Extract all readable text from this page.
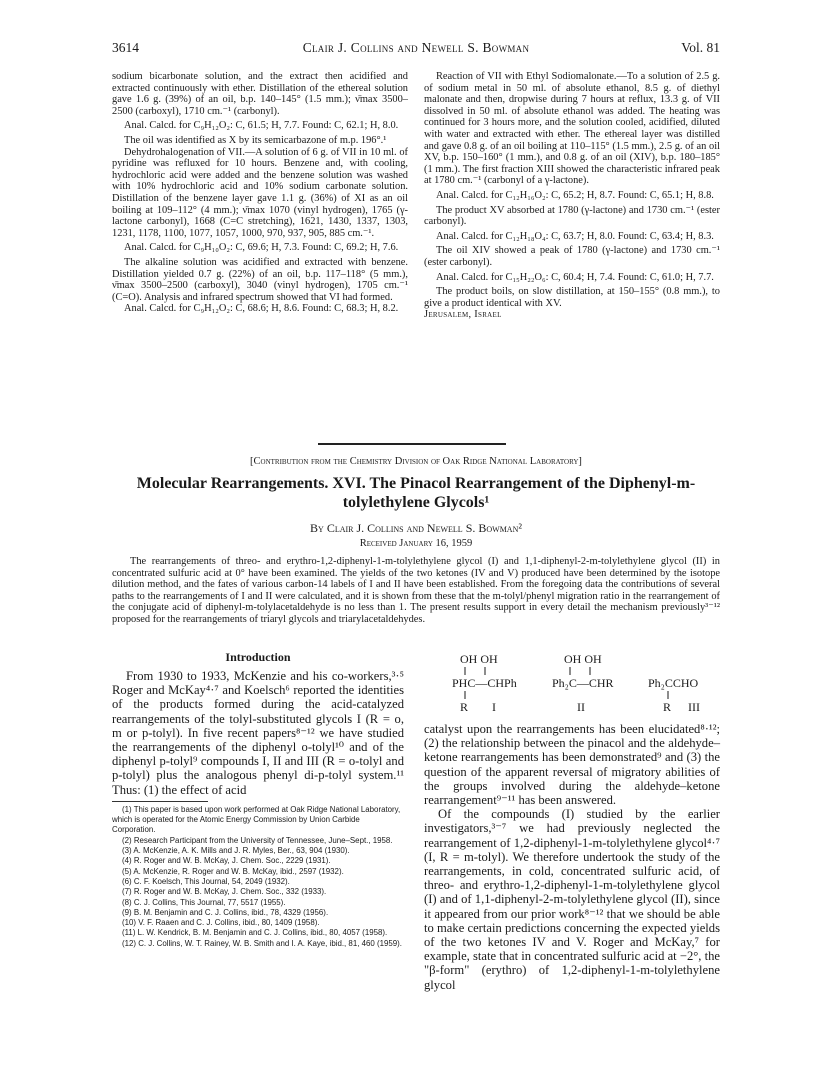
3614	Clair J. Collins and Newell S. Bowman	Vol. 81

sodium bicarbonate solution, and the extract then acidified and extracted continuously with ether. Distillation of the ethereal solution gave 1.6 g. (39%) of an oil, b.p. 140–145° (1.5 mm.); ν̄max 3500–2500 (carboxyl), 1710 cm.⁻¹ (carbonyl).

Anal. Calcd. for C₉H₁₂O₂: C, 61.5; H, 7.7. Found: C, 62.1; H, 8.0.

The oil was identified as X by its semicarbazone of m.p. 196°.¹

Dehydrohalogenation of VII.—A solution of 6 g. of VII in 10 ml. of pyridine was refluxed for 10 hours. Benzene and, with cooling, hydrochloric acid were added and the benzene solution was washed with 10% hydrochloric acid and 10% sodium carbonate solution. Distillation of the benzene layer gave 1.1 g. (36%) of XI as an oil boiling at 109–112° (4 mm.); ν̄max 1070 (vinyl hydrogen), 1765 (γ-lactone carbonyl), 1668 (C=C stretching), 1621, 1430, 1337, 1303, 1231, 1178, 1100, 1077, 1057, 1000, 970, 937, 905, 885 cm.⁻¹.

Anal. Calcd. for C₉H₁₀O₂: C, 69.6; H, 7.3. Found: C, 69.2; H, 7.6.

The alkaline solution was acidified and extracted with benzene. Distillation yielded 0.7 g. (22%) of an oil, b.p. 117–118° (5 mm.), ν̄max 3500–2500 (carboxyl), 3040 (vinyl hydrogen), 1705 cm.⁻¹ (C=O). Analysis and infrared spectrum showed that VI had formed.

Anal. Calcd. for C₉H₁₂O₂: C, 68.6; H, 8.6. Found: C, 68.3; H, 8.2.

Reaction of VII with Ethyl Sodiomalonate.—To a solution of 2.5 g. of sodium metal in 50 ml. of absolute ethanol, 8.5 g. of diethyl malonate and then, dropwise during 7 hours at reflux, 13.3 g. of VII dissolved in 50 ml. of absolute ethanol was added. The heating was continued for 3 hours more, and the solution cooled, acidified, diluted with water and extracted with ether. The ethereal layer was distilled and gave 0.8 g. of an oil boiling at 110–115° (1.5 mm.), 2.5 g. of an oil XV, b.p. 150–160° (1 mm.), and 0.8 g. of an oil (XIV), b.p. 180–185° (1 mm.). The first fraction XIII showed the characteristic infrared peak at 1780 cm.⁻¹ (carbonyl of a γ-lactone).

Anal. Calcd. for C₁₂H₁₆O₂: C, 65.2; H, 8.7. Found: C, 65.1; H, 8.8.

The product XV absorbed at 1780 (γ-lactone) and 1730 cm.⁻¹ (ester carbonyl).

Anal. Calcd. for C₁₂H₁₈O₄: C, 63.7; H, 8.0. Found: C, 63.4; H, 8.3.

The oil XIV showed a peak of 1780 (γ-lactone) and 1730 cm.⁻¹ (ester carbonyl).

Anal. Calcd. for C₁₅H₂₂O₆: C, 60.4; H, 7.4. Found: C, 61.0; H, 7.7.

The product boils, on slow distillation, at 150–155° (0.8 mm.), to give a product identical with XV.

Jerusalem, Israel

[Contribution from the Chemistry Division of Oak Ridge National Laboratory]
Molecular Rearrangements. XVI. The Pinacol Rearrangement of the Diphenyl-m-tolylethylene Glycols¹
By Clair J. Collins and Newell S. Bowman²
Received January 16, 1959

The rearrangements of threo- and erythro-1,2-diphenyl-1-m-tolylethylene glycol (I) and 1,1-diphenyl-2-m-tolylethylene glycol (II) in concentrated sulfuric acid at 0° have been examined. The yields of the two ketones (IV and V) produced have been determined by the isotope dilution method, and the fates of various carbon-14 labels of I and II have been established. From the foregoing data the contributions of several paths to the rearrangements of I and II were calculated, and it is shown from these that the m-tolyl/phenyl migration ratio in the rearrangement of the conjugate acid of diphenyl-m-tolylacetaldehyde is no less than 1. The present results support in every detail the mechanism previously³⁻¹² proposed for the rearrangements of triaryl glycols and triarylacetaldehydes.

Introduction

From 1930 to 1933, McKenzie and his co-workers,³·⁵ Roger and McKay⁴·⁷ and Koelsch⁶ reported the identities of the products formed during the acid-catalyzed rearrangements of the tolyl-substituted glycols I (R = o, m or p-tolyl). In five recent papers⁸⁻¹² we have studied the rearrangements of the diphenyl o-tolyl¹⁰ and of the diphenyl p-tolyl⁹ compounds I, II and III (R = o-tolyl and p-tolyl) plus the analogous phenyl di-p-tolyl system.¹¹ Thus: (1) the effect of acid

(1) This paper is based upon work performed at Oak Ridge National Laboratory, which is operated for the Atomic Energy Commission by Union Carbide Corporation.
(2) Research Participant from the University of Tennessee, June–Sept., 1958.
(3) A. McKenzie, A. K. Mills and J. R. Myles, Ber., 63, 904 (1930).
(4) R. Roger and W. B. McKay, J. Chem. Soc., 2229 (1931).
(5) A. McKenzie, R. Roger and W. B. McKay, ibid., 2597 (1932).
(6) C. F. Koelsch, This Journal, 54, 2049 (1932).
(7) R. Roger and W. B. McKay, J. Chem. Soc., 332 (1933).
(8) C. J. Collins, This Journal, 77, 5517 (1955).
(9) B. M. Benjamin and C. J. Collins, ibid., 78, 4329 (1956).
(10) V. F. Raaen and C. J. Collins, ibid., 80, 1409 (1958).
(11) L. W. Kendrick, B. M. Benjamin and C. J. Collins, ibid., 80, 4057 (1958).
(12) C. J. Collins, W. T. Rainey, W. B. Smith and I. A. Kaye, ibid., 81, 460 (1959).
OH OH
PHC—CHPh
R I
OH OH
Ph₂C—CHR
II
Ph₂CCHO
R III

catalyst upon the rearrangements has been elucidated⁸·¹²; (2) the relationship between the pinacol and the aldehyde–ketone rearrangements has been demonstrated⁹ and (3) the question of the apparent reversal of migratory abilities of the groups involved during the aldehyde–ketone rearrangement⁹⁻¹¹ has been answered.

Of the compounds (I) studied by the earlier investigators,³⁻⁷ we had previously neglected the rearrangement of 1,2-diphenyl-1-m-tolylethylene glycol⁴·⁷ (I, R = m-tolyl). We therefore undertook the study of the rearrangements, in cold, concentrated sulfuric acid, of threo- and erythro-1,2-diphenyl-1-m-tolylethylene glycol (I) and of 1,1-diphenyl-2-m-tolylethylene glycol (II), since it appeared from our prior work⁸⁻¹² that we should be able to make certain predictions concerning the expected yields of the two ketones IV and V. Roger and McKay,⁷ for example, state that in concentrated sulfuric acid at −2°, the "β-form" (erythro) of 1,2-diphenyl-1-m-tolylethylene glycol
